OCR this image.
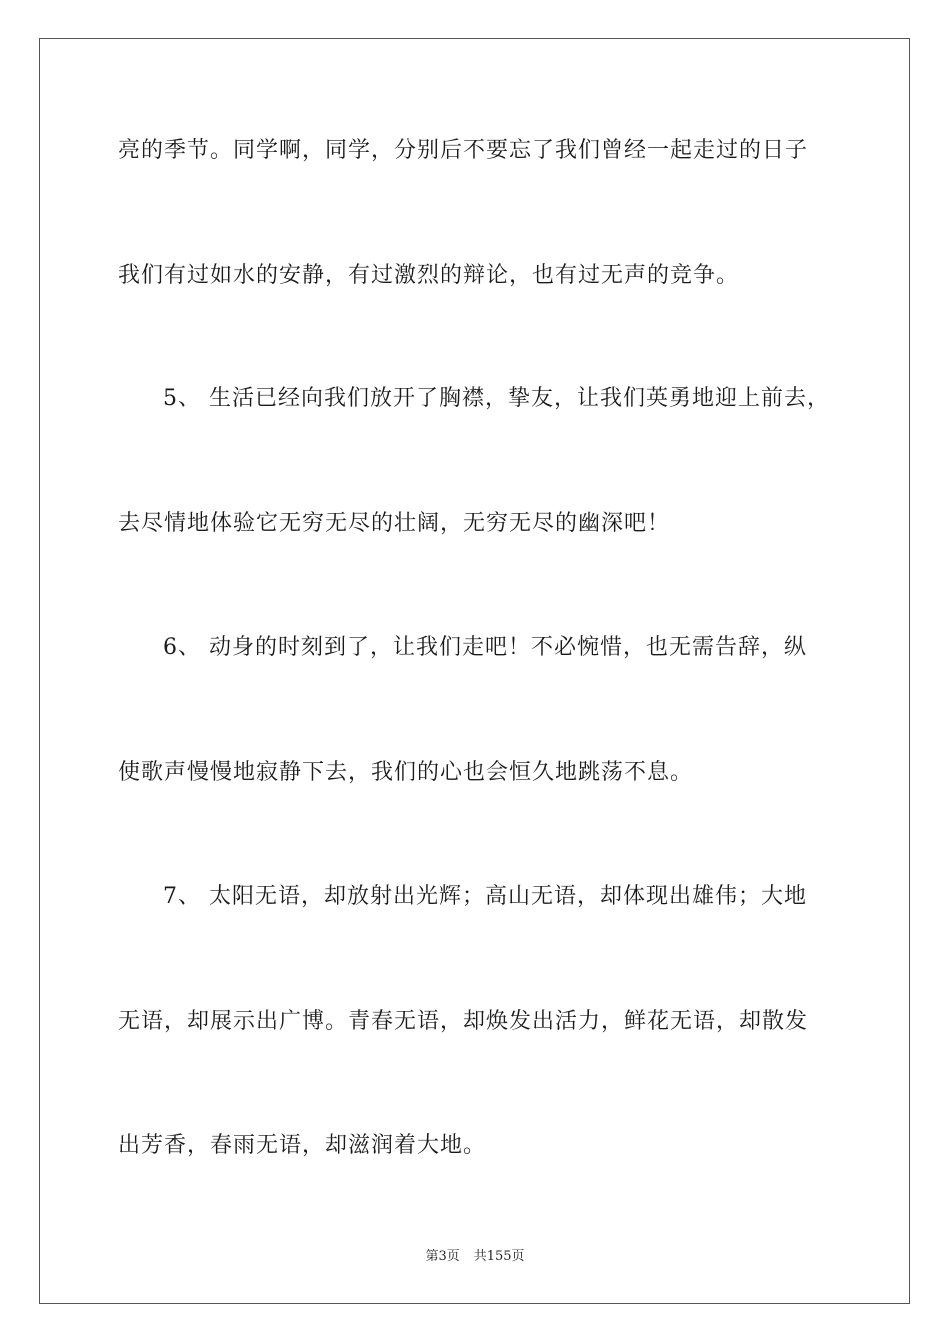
亮的季节。同学啊，同学，分别后不要忘了我们曾经一起走过的日子
我们有过如水的安静，有过激烈的辩论，也有过无声的竞争。
5、 生活已经向我们放开了胸襟，挚友，让我们英勇地迎上前去，
去尽情地体验它无穷无尽的壮阔，无穷无尽的幽深吧！
6、 动身的时刻到了，让我们走吧！不必惋惜，也无需告辞，纵
使歌声慢慢地寂静下去，我们的心也会恒久地跳荡不息。
7、 太阳无语，却放射出光辉；高山无语，却体现出雄伟；大地
无语，却展示出广博。青春无语，却焕发出活力，鲜花无语，却散发
出芳香，春雨无语，却滋润着大地。
第3页 共155页
